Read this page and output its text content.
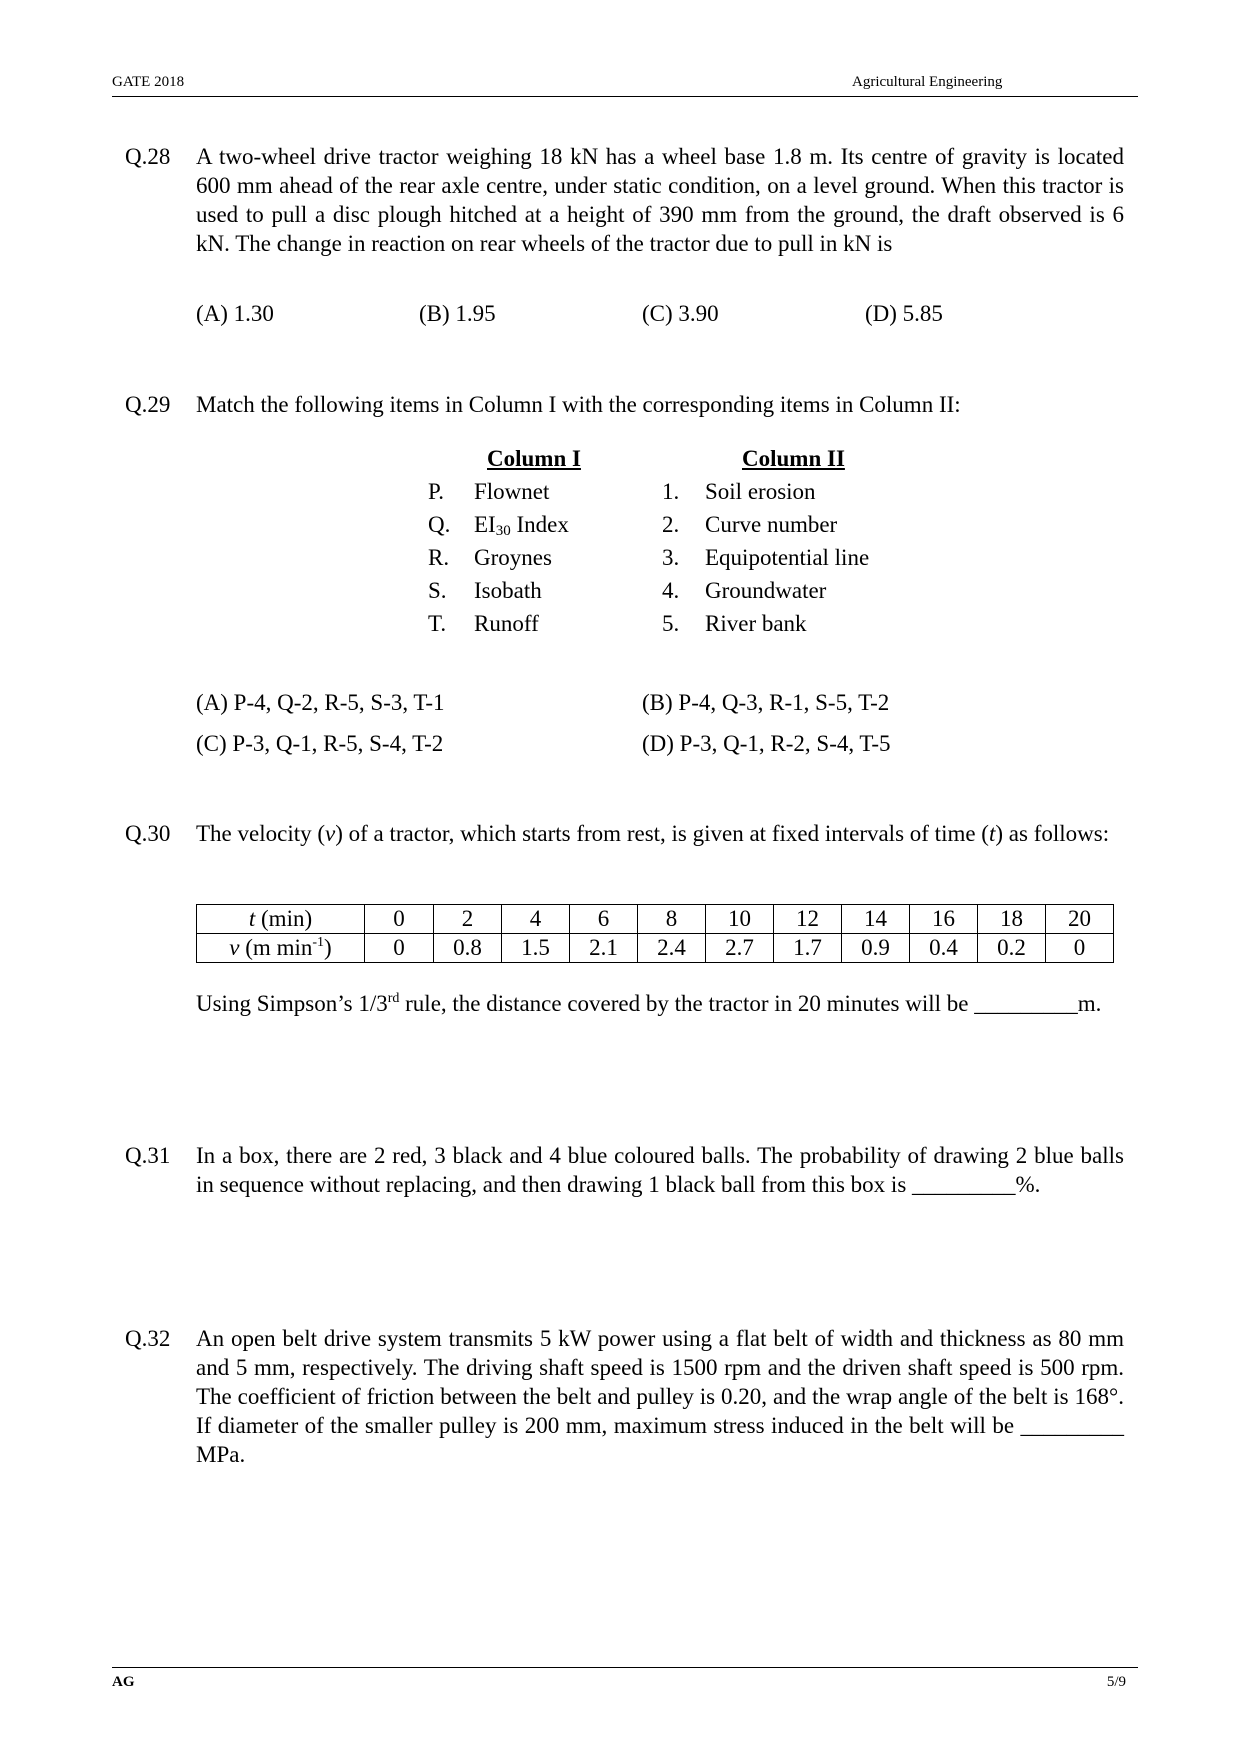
GATE 2018	Agricultural Engineering
Q.28 A two-wheel drive tractor weighing 18 kN has a wheel base 1.8 m. Its centre of gravity is located 600 mm ahead of the rear axle centre, under static condition, on a level ground. When this tractor is used to pull a disc plough hitched at a height of 390 mm from the ground, the draft observed is 6 kN. The change in reaction on rear wheels of the tractor due to pull in kN is
(A) 1.30	(B) 1.95	(C) 3.90	(D) 5.85
Q.29 Match the following items in Column I with the corresponding items in Column II:
Column I	Column II
P. Flownet	1. Soil erosion
Q. $EI_{30}$ Index	2. Curve number
R. Groynes	3. Equipotential line
S. Isobath	4. Groundwater
T. Runoff	5. River bank
(A) P-4, Q-2, R-5, S-3, T-1	(B) P-4, Q-3, R-1, S-5, T-2
(C) P-3, Q-1, R-5, S-4, T-2	(D) P-3, Q-1, R-2, S-4, T-5
Q.30 The velocity (v) of a tractor, which starts from rest, is given at fixed intervals of time (t) as follows:
t (min)	0	2	4	6	8	10	12	14	16	18	20
v (m $\min^{-1}$)	0	0.8	1.5	2.1	2.4	2.7	1.7	0.9	0.4	0.2	0
Using Simpson’s 1/3rd rule, the distance covered by the tractor in 20 minutes will be _________m.
Q.31 In a box, there are 2 red, 3 black and 4 blue coloured balls. The probability of drawing 2 blue balls in sequence without replacing, and then drawing 1 black ball from this box is _________%.
Q.32 An open belt drive system transmits 5 kW power using a flat belt of width and thickness as 80 mm and 5 mm, respectively. The driving shaft speed is 1500 rpm and the driven shaft speed is 500 rpm. The coefficient of friction between the belt and pulley is 0.20, and the wrap angle of the belt is 168°. If diameter of the smaller pulley is 200 mm, maximum stress induced in the belt will be _________ MPa.
AG	5/9
